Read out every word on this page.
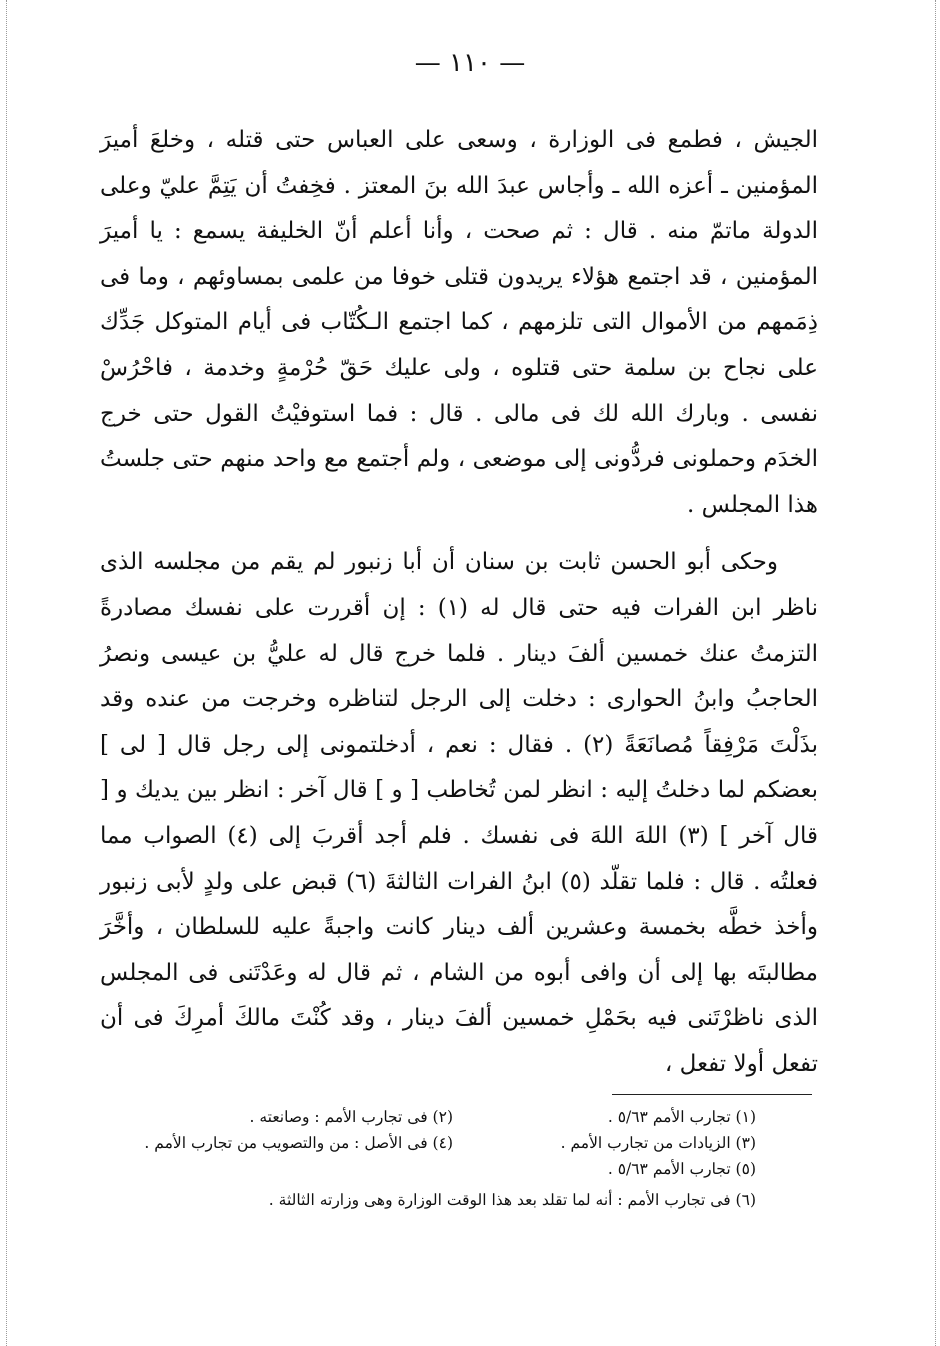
— ١١٠ —

الجيش ، فطمع فى الوزارة ، وسعى على العباس حتى قتله ، وخلعَ أميرَ المؤمنين ـ أعزه الله ـ وأجاس عبدَ الله بنَ المعتز . فخِفتُ أن يَتِمَّ عليّ وعلى الدولة ماتمّ منه . قال : ثم صحت ، وأنا أعلم أنّ الخليفة يسمع : يا أميرَ المؤمنين ، قد اجتمع هؤلاء يريدون قتلى خوفا من علمى بمساوئهم ، وما فى ذِمَمهم من الأموال التى تلزمهم ، كما اجتمع الـكُتّاب فى أيام المتوكل جَدِّك على نجاح بن سلمة حتى قتلوه ، ولى عليك حَقّ حُرْمةٍ وخدمة ، فاحْرُسْ نفسى . وبارك الله لك فى مالى . قال : فما استوفيْتُ القول حتى خرج الخدَم وحملونى فردُّونى إلى موضعى ، ولم أجتمع مع واحد منهم حتى جلستُ هذا المجلس .

وحكى أبو الحسن ثابت بن سنان أن أبا زنبور لم يقم من مجلسه الذى ناظر ابن الفرات فيه حتى قال له (١) : إن أقررت على نفسك مصادرةً التزمتُ عنك خمسين ألفَ دينار . فلما خرج قال له عليُّ بن عيسى ونصرُ الحاجبُ وابنُ الحوارى : دخلت إلى الرجل لتناظره وخرجت من عنده وقد بذَلْتَ مَرْفِقاً مُصانَعَةً (٢) . فقال : نعم ، أدخلتمونى إلى رجل قال [ لى ] بعضكم لما دخلتُ إليه : انظر لمن تُخاطب [ و ] قال آخر : انظر بين يديك و [ قال آخر ] (٣) اللهَ اللهَ فى نفسك . فلم أجد أقربَ إلى (٤) الصواب مما فعلتُه . قال : فلما تقلّد (٥) ابنُ الفرات الثالثةَ (٦) قبض على ولدٍ لأبى زنبور وأخذ خطَّه بخمسة وعشرين ألف دينار كانت واجبةً عليه للسلطان ، وأخَّرَ مطالبتَه بها إلى أن وافى أبوه من الشام ، ثم قال له وعَدْتَنى فى المجلس الذى ناظرْتَنى فيه بحَمْلِ خمسين ألفَ دينار ، وقد كُنْتَ مالكَ أمرِكَ فى أن تفعل أولا تفعل ،

(١) تجارب الأمم ٥/٦٣ .
(٢) فى تجارب الأمم : وصانعته .
(٣) الزيادات من تجارب الأمم .
(٤) فى الأصل : من والتصويب من تجارب الأمم .
(٥) تجارب الأمم ٥/٦٣ .
(٦) فى تجارب الأمم : أنه لما تقلد بعد هذا الوقت الوزارة وهى وزارته الثالثة .
